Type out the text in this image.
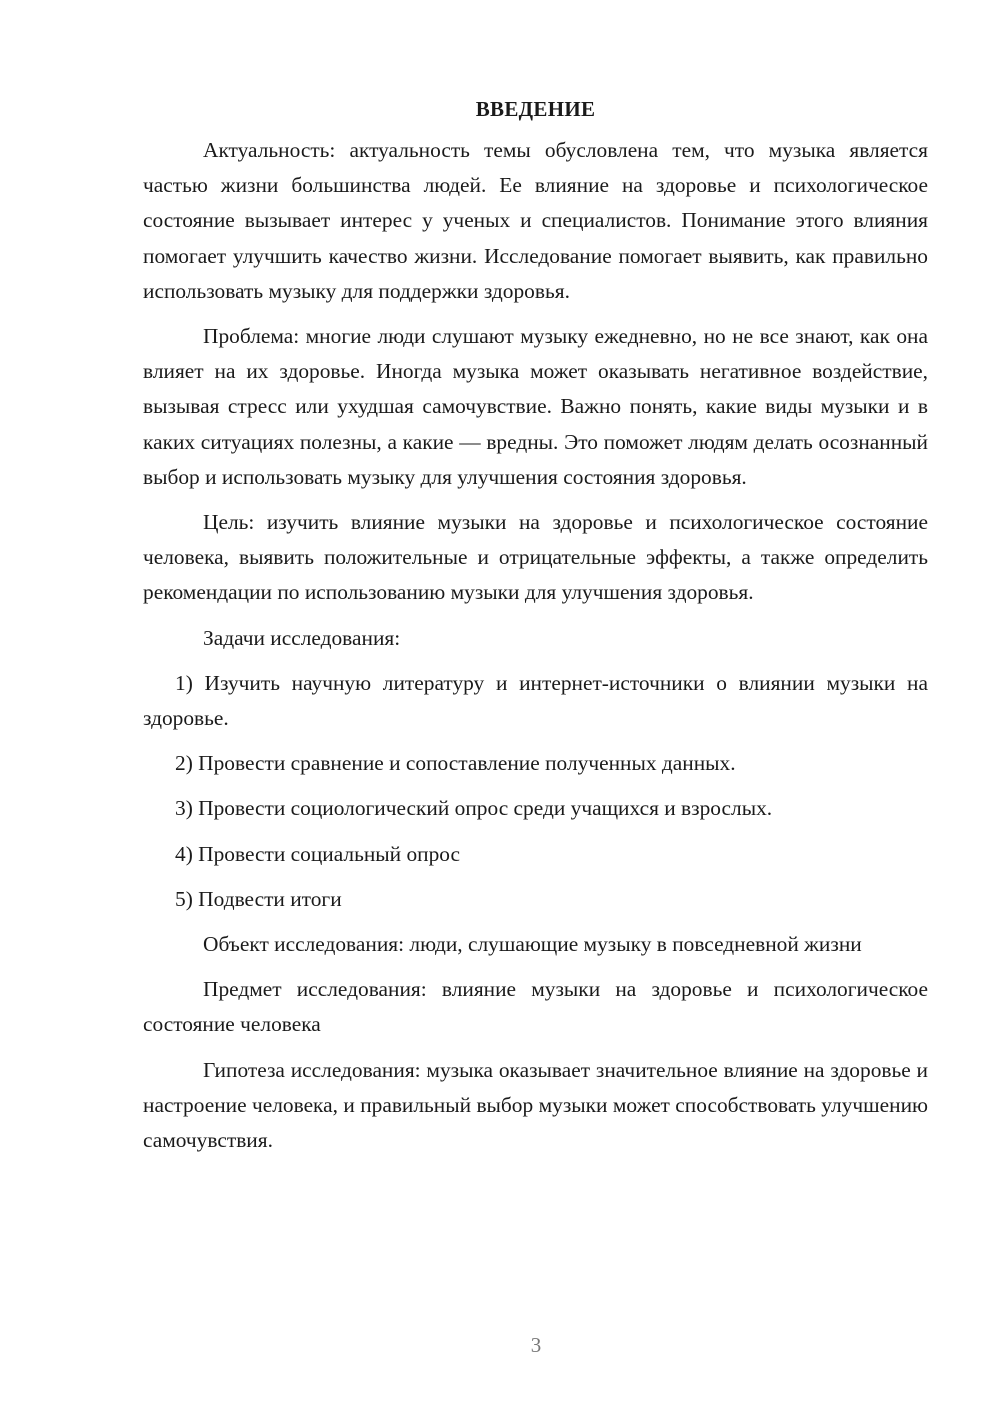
ВВЕДЕНИЕ

Актуальность: актуальность темы обусловлена тем, что музыка является частью жизни большинства людей. Ее влияние на здоровье и психологическое состояние вызывает интерес у ученых и специалистов. Понимание этого влияния помогает улучшить качество жизни. Исследование помогает выявить, как правильно использовать музыку для поддержки здоровья.

Проблема: многие люди слушают музыку ежедневно, но не все знают, как она влияет на их здоровье. Иногда музыка может оказывать негативное воздействие, вызывая стресс или ухудшая самочувствие. Важно понять, какие виды музыки и в каких ситуациях полезны, а какие — вредны. Это поможет людям делать осознанный выбор и использовать музыку для улучшения состояния здоровья.

Цель: изучить влияние музыки на здоровье и психологическое состояние человека, выявить положительные и отрицательные эффекты, а также определить рекомендации по использованию музыки для улучшения здоровья.

Задачи исследования:

1) Изучить научную литературу и интернет-источники о влиянии музыки на здоровье.

2) Провести сравнение и сопоставление полученных данных.

3) Провести социологический опрос среди учащихся и взрослых.

4) Провести социальный опрос

5) Подвести итоги

Объект исследования: люди, слушающие музыку в повседневной жизни

Предмет исследования: влияние музыки на здоровье и психологическое состояние человека

Гипотеза исследования: музыка оказывает значительное влияние на здоровье и настроение человека, и правильный выбор музыки может способствовать улучшению самочувствия.

3
